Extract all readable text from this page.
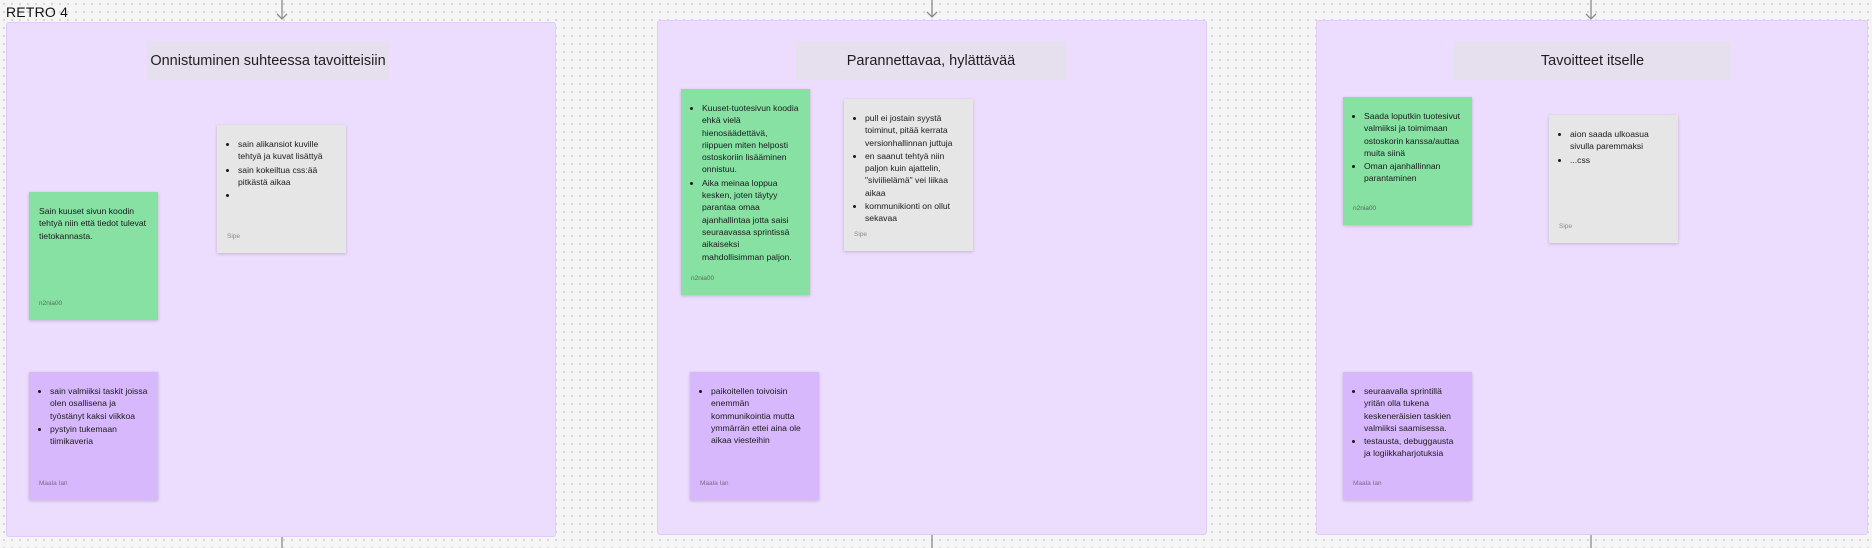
RETRO 4
Onnistuminen suhteessa tavoitteisiin
• sain alikansiot kuville tehtyä ja kuvat lisättyä
• sain kokeiltua css:ää pitkästä aikaa
•
Sipe

Sain kuuset sivun koodin tehtyä niin että tiedot tulevat tietokannasta.

n2nia00
• sain valmiiksi taskit joissa olen osallisena ja työstänyt kaksi viikkoa
• pystyin tukemaan tiimikaveria
Maala Ian
Parannettavaa, hylättävää
• Kuuset-tuotesivun koodia ehkä vielä hienosäädettävä, riippuen miten helposti ostoskoriin lisääminen onnistuu.
• Aika meinaa loppua kesken, joten täytyy parantaa omaa ajanhallintaa jotta saisi seuraavassa sprintissä aikaiseksi mahdollisimman paljon.
n2nia00
• pull ei jostain syystä toiminut, pitää kerrata versionhallinnan juttuja
• en saanut tehtyä niin paljon kuin ajattelin, "siviilielämä" vei liikaa aikaa
• kommunikionti on ollut sekavaa
Sipe
• paikoitellen toivoisin enemmän kommunikointia mutta ymmärrän ettei aina ole aikaa viesteihin
Maala Ian
Tavoitteet itselle
• Saada loputkin tuotesivut valmiiksi ja toimimaan ostoskorin kanssa/auttaa muita siinä
• Oman ajanhallinnan parantaminen
n2nia00
• aion saada ulkoasua sivulla paremmaksi
• ...css
Sipe
• seuraavalla sprintillä yritän olla tukena keskeneräisien taskien valmiiksi saamisessa.
• testausta, debuggausta ja logiikkaharjotuksia
Maala Ian
